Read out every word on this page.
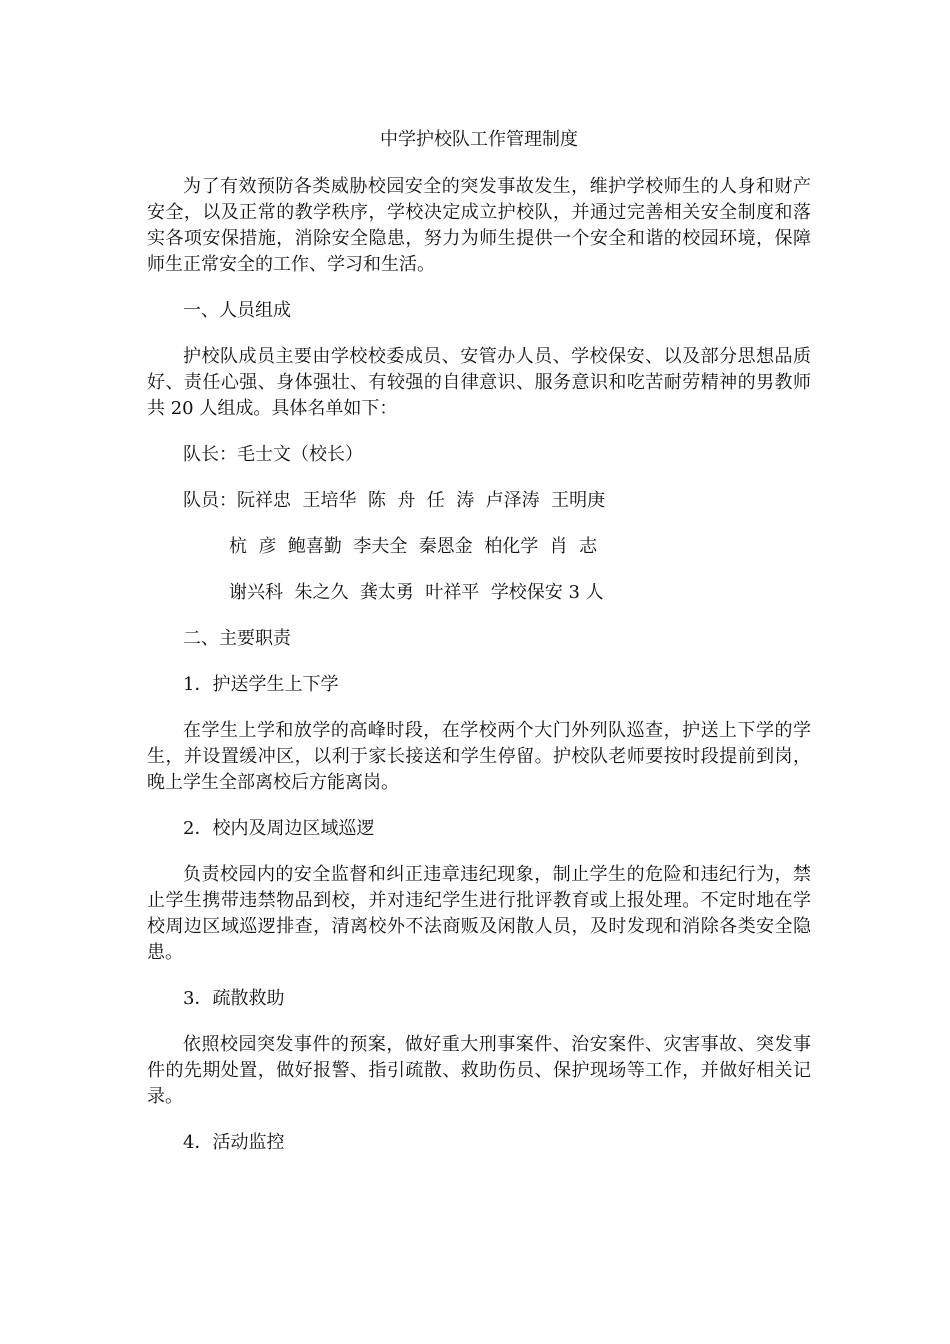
中学护校队工作管理制度

为了有效预防各类威胁校园安全的突发事故发生，维护学校师生的人身和财产安全，以及正常的教学秩序，学校决定成立护校队，并通过完善相关安全制度和落实各项安保措施，消除安全隐患，努力为师生提供一个安全和谐的校园环境，保障师生正常安全的工作、学习和生活。

一、人员组成

护校队成员主要由学校校委成员、安管办人员、学校保安、以及部分思想品质好、责任心强、身体强壮、有较强的自律意识、服务意识和吃苦耐劳精神的男教师共 20 人组成。具体名单如下：

队长：毛士文（校长）

队员：阮祥忠  王培华  陈  舟  任  涛  卢泽涛  王明庚

杭  彦  鲍喜勤  李夫全  秦恩金  柏化学  肖  志

谢兴科  朱之久  龚太勇  叶祥平  学校保安 3 人

二、主要职责

1．护送学生上下学

在学生上学和放学的高峰时段，在学校两个大门外列队巡查，护送上下学的学生，并设置缓冲区，以利于家长接送和学生停留。护校队老师要按时段提前到岗，晚上学生全部离校后方能离岗。

2．校内及周边区域巡逻

负责校园内的安全监督和纠正违章违纪现象，制止学生的危险和违纪行为，禁止学生携带违禁物品到校，并对违纪学生进行批评教育或上报处理。不定时地在学校周边区域巡逻排查，清离校外不法商贩及闲散人员，及时发现和消除各类安全隐患。

3．疏散救助

依照校园突发事件的预案，做好重大刑事案件、治安案件、灾害事故、突发事件的先期处置，做好报警、指引疏散、救助伤员、保护现场等工作，并做好相关记录。

4．活动监控
